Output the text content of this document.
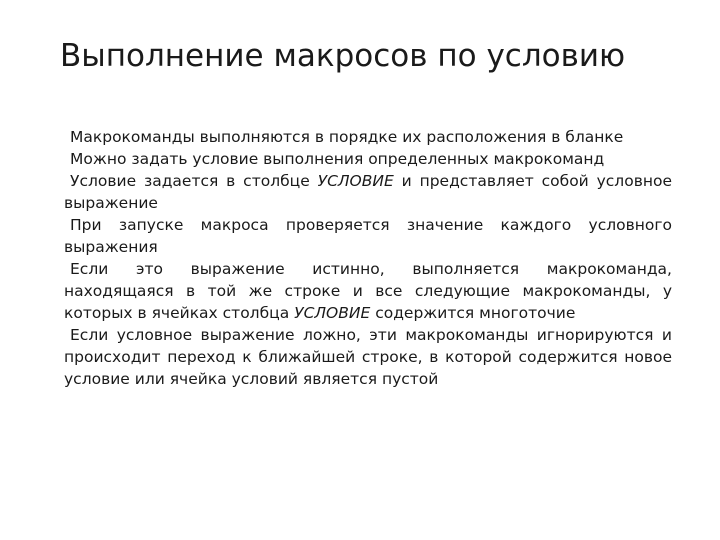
Выполнение макросов по условию

Макрокоманды выполняются в порядке их расположения в бланке

Можно задать условие выполнения определенных макрокоманд

Условие задается в столбце УСЛОВИЕ и представляет собой условное выражение

При запуске макроса проверяется значение каждого условного выражения

Если это выражение истинно, выполняется макрокоманда, находящаяся в той же строке и все следующие макрокоманды, у которых в ячейках столбца УСЛОВИЕ содержится многоточие

Если условное выражение ложно, эти макрокоманды игнорируются и происходит переход к ближайшей строке, в которой содержится новое условие или ячейка условий является пустой
